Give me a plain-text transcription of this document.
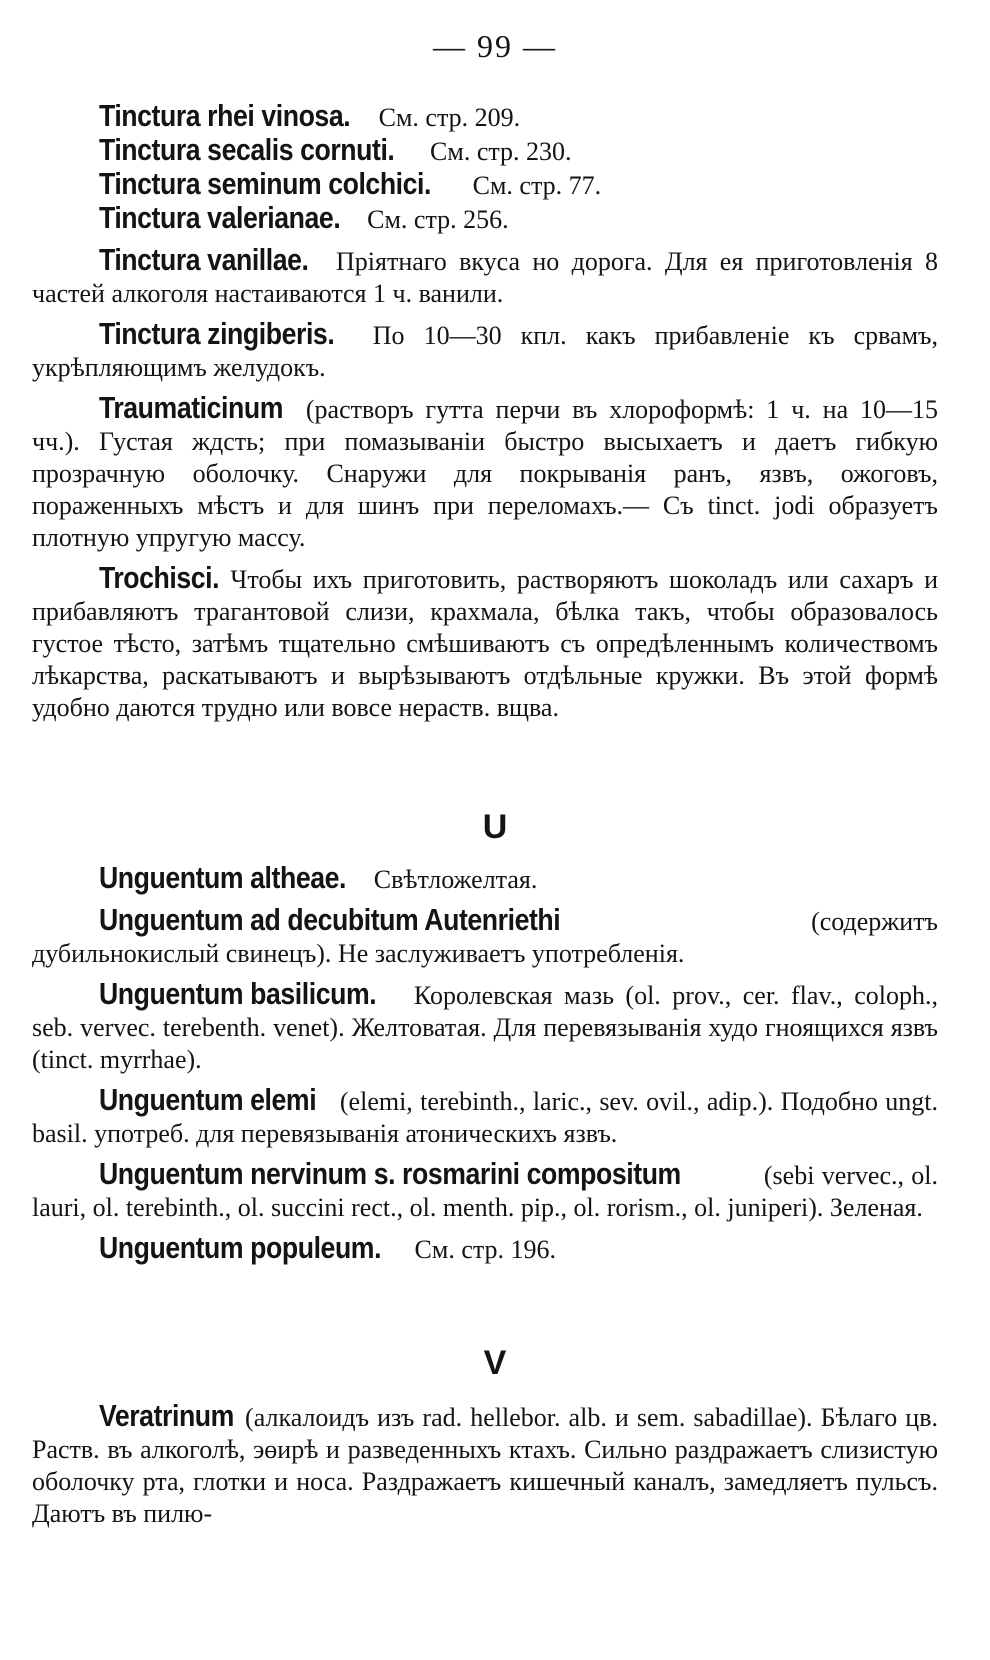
— 99 —

Tinctura rhei vinosa. См. стр. 209.

Tinctura secalis cornuti. См. стр. 230.

Tinctura seminum colchici. См. стр. 77.

Tinctura valerianae. См. стр. 256.

Tinctura vanillae. Пріятнаго вкуса но дорога. Для ея приготовленія 8 частей алкоголя настаиваются 1 ч. ванили.

Tinctura zingiberis. По 10—30 кпл. какъ прибавленіе къ срвамъ, укрѣпляющимъ желудокъ.

Traumaticinum (растворъ гутта перчи въ хлороформѣ: 1 ч. на 10—15 чч.). Густая ждсть; при помазываніи быстро высыхаетъ и даетъ гибкую прозрачную оболочку. Снаружи для покрыванія ранъ, язвъ, ожоговъ, пораженныхъ мѣстъ и для шинъ при переломахъ.— Съ tinct. jodi образуетъ плотную упругую массу.

Trochisci. Чтобы ихъ приготовить, растворяютъ шоколадъ или сахаръ и прибавляютъ трагантовой слизи, крахмала, бѣлка такъ, чтобы образовалось густое тѣсто, затѣмъ тщательно смѣшиваютъ съ опредѣленнымъ количествомъ лѣкарства, раскатываютъ и вырѣзываютъ отдѣльные кружки. Въ этой формѣ удобно даются трудно или вовсе нераств. вщва.

U

Unguentum altheae. Свѣтложелтая.

Unguentum ad decubitum Autenriethi (содержитъ дубильнокислый свинецъ). Не заслуживаетъ употребленія.

Unguentum basilicum. Королевская мазь (ol. prov., cer. flav., coloph., seb. vervec. terebenth. venet). Желтоватая. Для перевязыванія худо гноящихся язвъ (tinct. myrrhae).

Unguentum elemi (elemi, terebinth., laric., sev. ovil., adip.). Подобно ungt. basil. употреб. для перевязыванія атоническихъ язвъ.

Unguentum nervinum s. rosmarini compositum	(sebi vervec., ol. lauri, ol. terebinth., ol. succini rect., ol. menth. pip., ol. rorism., ol. juniperi). Зеленая.

Unguentum populeum. См. стр. 196.

V

Veratrinum (алкалоидъ изъ rad. hellebor. alb. и sem. sabadillae). Бѣлаго цв. Раств. въ алкоголѣ, эөирѣ и разведенныхъ ктахъ. Сильно раздражаетъ слизистую оболочку рта, глотки и носа. Раздражаетъ кишечный каналъ, замедляетъ пульсъ. Даютъ въ пилю-
